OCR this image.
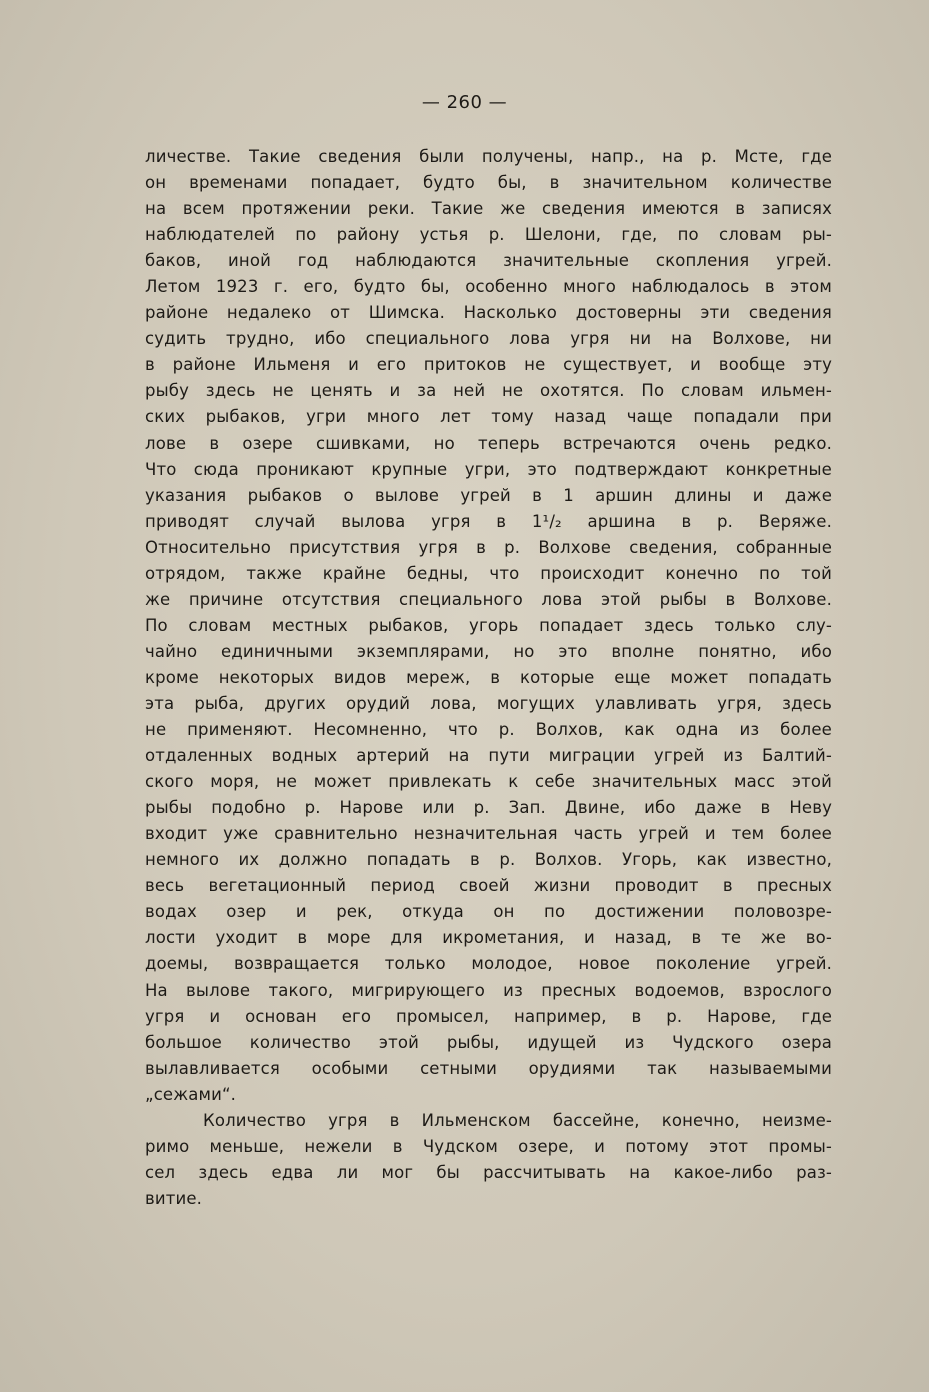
— 260 —
личестве. Такие сведения были получены, напр., на р. Мсте, где
он временами попадает, будто бы, в значительном количестве
на всем протяжении реки. Такие же сведения имеются в записях
наблюдателей по району устья р. Шелони, где, по словам ры-
баков, иной год наблюдаются значительные скопления угрей.
Летом 1923 г. его, будто бы, особенно много наблюдалось в этом
районе недалеко от Шимска. Насколько достоверны эти сведения
судить трудно, ибо специального лова угря ни на Волхове, ни
в районе Ильменя и его притоков не существует, и вообще эту
рыбу здесь не ценять и за ней не охотятся. По словам ильмен-
ских рыбаков, угри много лет тому назад чаще попадали при
лове в озере сшивками, но теперь встречаются очень редко.
Что сюда проникают крупные угри, это подтверждают конкретные
указания рыбаков о вылове угрей в 1 аршин длины и даже
приводят случай вылова угря в 1¹/₂ аршина в р. Веряже.
Относительно присутствия угря в р. Волхове сведения, собранные
отрядом, также крайне бедны, что происходит конечно по той
же причине отсутствия специального лова этой рыбы в Волхове.
По словам местных рыбаков, угорь попадает здесь только слу-
чайно единичными экземплярами, но это вполне понятно, ибо
кроме некоторых видов мереж, в которые еще может попадать
эта рыба, других орудий лова, могущих улавливать угря, здесь
не применяют. Несомненно, что р. Волхов, как одна из более
отдаленных водных артерий на пути миграции угрей из Балтий-
ского моря, не может привлекать к себе значительных масс этой
рыбы подобно р. Нарове или р. Зап. Двине, ибо даже в Неву
входит уже сравнительно незначительная часть угрей и тем более
немного их должно попадать в р. Волхов. Угорь, как известно,
весь вегетационный период своей жизни проводит в пресных
водах озер и рек, откуда он по достижении половозре-
лости уходит в море для икрометания, и назад, в те же во-
доемы, возвращается только молодое, новое поколение угрей.
На вылове такого, мигрирующего из пресных водоемов, взрослого
угря и основан его промысел, например, в р. Нарове, где
большое количество этой рыбы, идущей из Чудского озера
вылавливается особыми сетными орудиями так называемыми
„сежами“.
Количество угря в Ильменском бассейне, конечно, неизме-
римо меньше, нежели в Чудском озере, и потому этот промы-
сел здесь едва ли мог бы рассчитывать на какое-либо раз-
витие.
